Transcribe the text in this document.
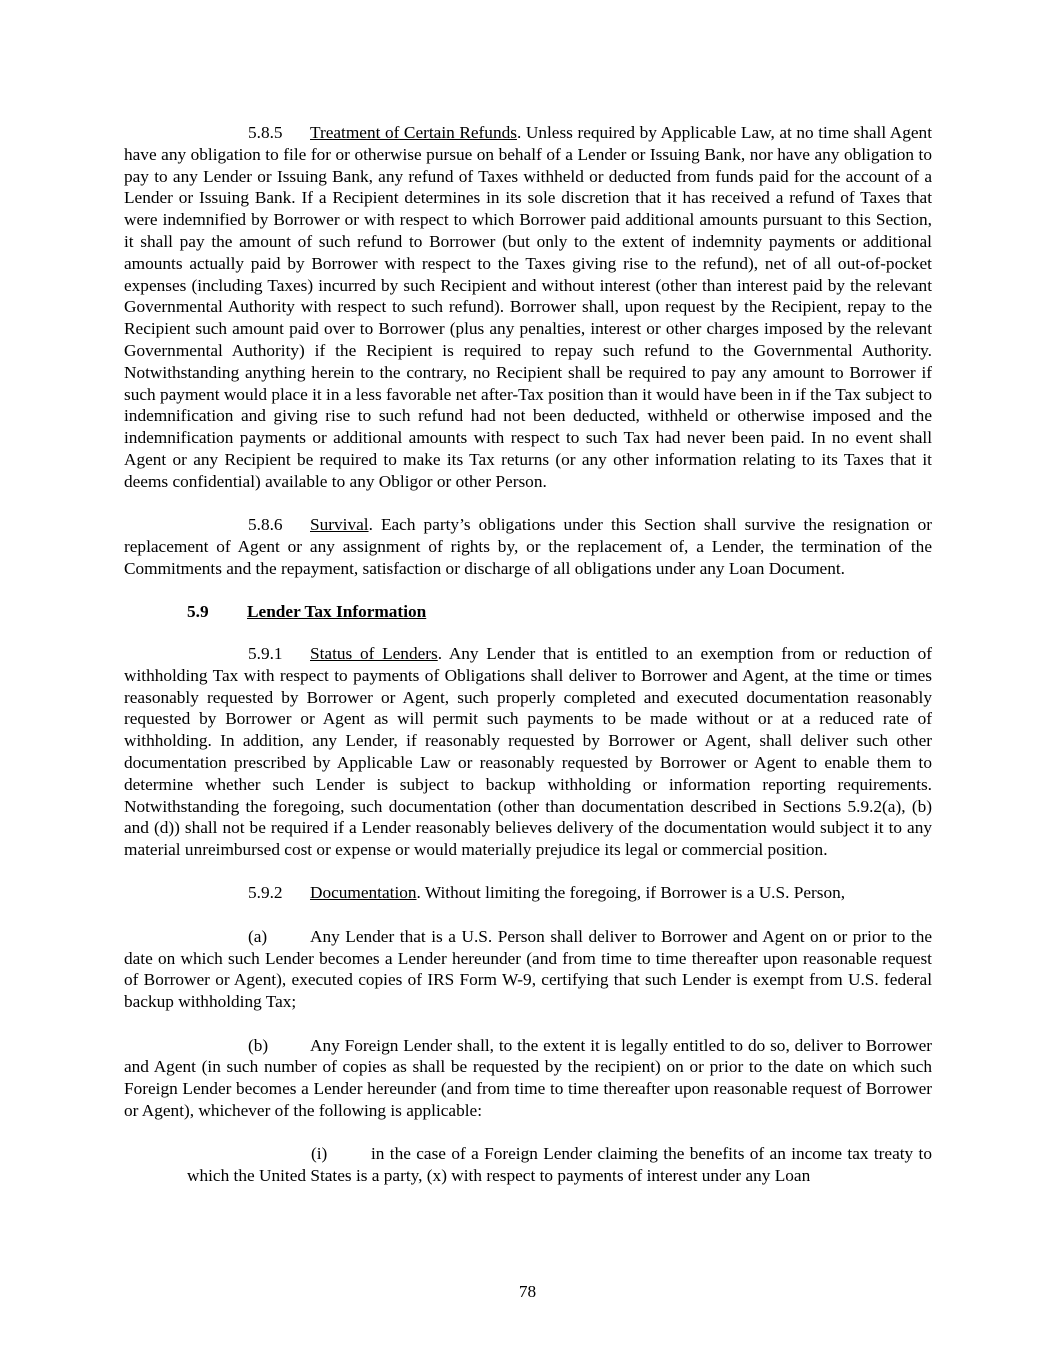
5.8.5 Treatment of Certain Refunds. Unless required by Applicable Law, at no time shall Agent have any obligation to file for or otherwise pursue on behalf of a Lender or Issuing Bank, nor have any obligation to pay to any Lender or Issuing Bank, any refund of Taxes withheld or deducted from funds paid for the account of a Lender or Issuing Bank. If a Recipient determines in its sole discretion that it has received a refund of Taxes that were indemnified by Borrower or with respect to which Borrower paid additional amounts pursuant to this Section, it shall pay the amount of such refund to Borrower (but only to the extent of indemnity payments or additional amounts actually paid by Borrower with respect to the Taxes giving rise to the refund), net of all out-of-pocket expenses (including Taxes) incurred by such Recipient and without interest (other than interest paid by the relevant Governmental Authority with respect to such refund). Borrower shall, upon request by the Recipient, repay to the Recipient such amount paid over to Borrower (plus any penalties, interest or other charges imposed by the relevant Governmental Authority) if the Recipient is required to repay such refund to the Governmental Authority. Notwithstanding anything herein to the contrary, no Recipient shall be required to pay any amount to Borrower if such payment would place it in a less favorable net after-Tax position than it would have been in if the Tax subject to indemnification and giving rise to such refund had not been deducted, withheld or otherwise imposed and the indemnification payments or additional amounts with respect to such Tax had never been paid. In no event shall Agent or any Recipient be required to make its Tax returns (or any other information relating to its Taxes that it deems confidential) available to any Obligor or other Person.

5.8.6 Survival. Each party’s obligations under this Section shall survive the resignation or replacement of Agent or any assignment of rights by, or the replacement of, a Lender, the termination of the Commitments and the repayment, satisfaction or discharge of all obligations under any Loan Document.

5.9 Lender Tax Information

5.9.1 Status of Lenders. Any Lender that is entitled to an exemption from or reduction of withholding Tax with respect to payments of Obligations shall deliver to Borrower and Agent, at the time or times reasonably requested by Borrower or Agent, such properly completed and executed documentation reasonably requested by Borrower or Agent as will permit such payments to be made without or at a reduced rate of withholding. In addition, any Lender, if reasonably requested by Borrower or Agent, shall deliver such other documentation prescribed by Applicable Law or reasonably requested by Borrower or Agent to enable them to determine whether such Lender is subject to backup withholding or information reporting requirements. Notwithstanding the foregoing, such documentation (other than documentation described in Sections 5.9.2(a), (b) and (d)) shall not be required if a Lender reasonably believes delivery of the documentation would subject it to any material unreimbursed cost or expense or would materially prejudice its legal or commercial position.

5.9.2 Documentation. Without limiting the foregoing, if Borrower is a U.S. Person,

(a) Any Lender that is a U.S. Person shall deliver to Borrower and Agent on or prior to the date on which such Lender becomes a Lender hereunder (and from time to time thereafter upon reasonable request of Borrower or Agent), executed copies of IRS Form W-9, certifying that such Lender is exempt from U.S. federal backup withholding Tax;

(b) Any Foreign Lender shall, to the extent it is legally entitled to do so, deliver to Borrower and Agent (in such number of copies as shall be requested by the recipient) on or prior to the date on which such Foreign Lender becomes a Lender hereunder (and from time to time thereafter upon reasonable request of Borrower or Agent), whichever of the following is applicable:

(i)	in the case of a Foreign Lender claiming the benefits of an income tax treaty to which the United States is a party, (x) with respect to payments of interest under any Loan

78
